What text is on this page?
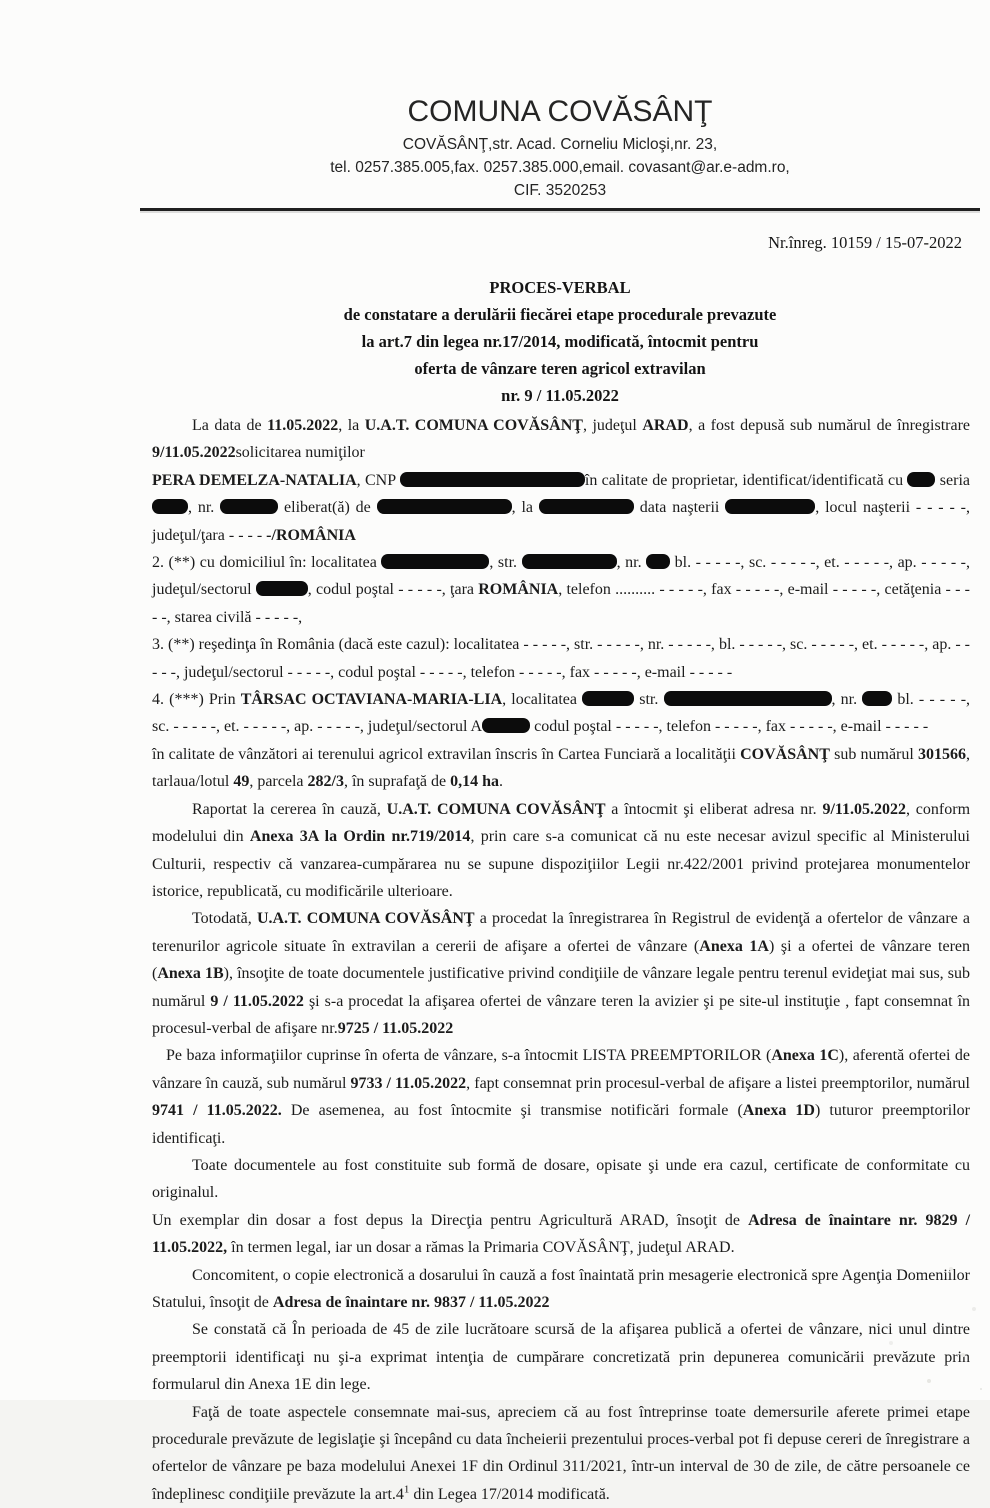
COMUNA COVĂSÂNŢ
COVĂSÂNŢ,str. Acad. Corneliu Micloşi,nr. 23,
tel. 0257.385.005,fax. 0257.385.000,email. covasant@ar.e-adm.ro,
CIF. 3520253
Nr.înreg. 10159 / 15-07-2022
PROCES-VERBAL
de constatare a derulării fiecărei etape procedurale prevazute
la art.7 din legea nr.17/2014, modificată, întocmit pentru
oferta de vânzare teren agricol extravilan
nr. 9 / 11.05.2022

La data de 11.05.2022, la U.A.T. COMUNA COVĂSÂNŢ, judeţul ARAD, a fost depusă sub numărul de înregistrare 9/11.05.2022solicitarea numiţilor

PERA DEMELZA-NATALIA, CNP	în calitate de proprietar, identificat/identificată cu  seria , nr.	eliberat(ă) de	, la	data naşterii	, locul naşterii - - - - -, judeţul/ţara - - - - -/ROMÂNIA

2. (**) cu domiciliul în: localitatea	, str.	, nr.  bl. - - - - -, sc. - - - - -, et. - - - - -, ap. - - - - -, judeţul/sectorul	, codul poştal - - - - -, ţara ROMÂNIA, telefon .......... - - - - -, fax - - - - -, e-mail - - - - -, cetăţenia - - - - -, starea civilă - - - - -,

3. (**) reşedinţa în România (dacă este cazul): localitatea - - - - -, str. - - - - -, nr. - - - - -, bl. - - - - -, sc. - - - - -, et. - - - - -, ap. - - - - -, judeţul/sectorul - - - - -, codul poştal - - - - -, telefon - - - - -, fax - - - - -, e-mail - - - - -

4. (***) Prin TÂRSAC OCTAVIANA-MARIA-LIA, localitatea	str.	, nr.  bl. - - - - -, sc. - - - - -, et. - - - - -, ap. - - - - -, judeţul/sectorul A	codul poştal - - - - -, telefon - - - - -, fax - - - - -, e-mail - - - - -

în calitate de vânzători ai terenului agricol extravilan înscris în Cartea Funciară a localităţii COVĂSÂNŢ sub numărul 301566, tarlaua/lotul 49, parcela 282/3, în suprafaţă de 0,14 ha.

Raportat la cererea în cauză, U.A.T. COMUNA COVĂSÂNŢ a întocmit şi eliberat adresa nr. 9/11.05.2022, conform modelului din Anexa 3A la Ordin nr.719/2014, prin care s-a comunicat că nu este necesar avizul specific al Ministerului Culturii, respectiv că vanzarea-cumpărarea nu se supune dispoziţiilor Legii nr.422/2001 privind protejarea monumentelor istorice, republicată, cu modificările ulterioare.

Totodată, U.A.T. COMUNA COVĂSÂNŢ a procedat la înregistrarea în Registrul de evidenţă a ofertelor de vânzare a terenurilor agricole situate în extravilan a cererii de afişare a ofertei de vânzare (Anexa 1A) şi a ofertei de vânzare teren (Anexa 1B), însoţite de toate documentele justificative privind condiţiile de vânzare legale pentru terenul evideţiat mai sus, sub numărul 9 / 11.05.2022 şi s-a procedat la afişarea ofertei de vânzare teren la avizier şi pe site-ul instituţie , fapt consemnat în procesul-verbal de afişare nr.9725 / 11.05.2022

Pe baza informaţiilor cuprinse în oferta de vânzare, s-a întocmit LISTA PREEMPTORILOR (Anexa 1C), aferentă ofertei de vânzare în cauză, sub numărul 9733 / 11.05.2022, fapt consemnat prin procesul-verbal de afişare a listei preemptorilor, numărul 9741 / 11.05.2022. De asemenea, au fost întocmite şi transmise notificări formale (Anexa 1D) tuturor preemptorilor identificaţi.

Toate documentele au fost constituite sub formă de dosare, opisate şi unde era cazul, certificate de conformitate cu originalul.

Un exemplar din dosar a fost depus la Direcţia pentru Agricultură ARAD, însoţit de Adresa de înaintare nr. 9829 / 11.05.2022, în termen legal, iar un dosar a rămas la Primaria COVĂSÂNŢ, judeţul ARAD.

Concomitent, o copie electronică a dosarului în cauză a fost înaintată prin mesagerie electronică spre Agenţia Domeniilor Statului, însoţit de Adresa de înaintare nr. 9837 / 11.05.2022

Se constată că În perioada de 45 de zile lucrătoare scursă de la afişarea publică a ofertei de vânzare, nici unul dintre preemptorii identificaţi nu şi-a exprimat intenţia de cumpărare concretizată prin depunerea comunicării prevăzute prin formularul din Anexa 1E din lege.

Faţă de toate aspectele consemnate mai-sus, apreciem că au fost întreprinse toate demersurile aferete primei etape procedurale prevăzute de legislaţie şi începând cu data încheierii prezentului proces-verbal pot fi depuse cereri de înregistrare a ofertelor de vânzare pe baza modelului Anexei 1F din Ordinul 311/2021, într-un interval de 30 de zile, de către persoanele ce îndeplinesc condiţiile prevăzute la $art.4^1$ din Legea 17/2014 modificată.
